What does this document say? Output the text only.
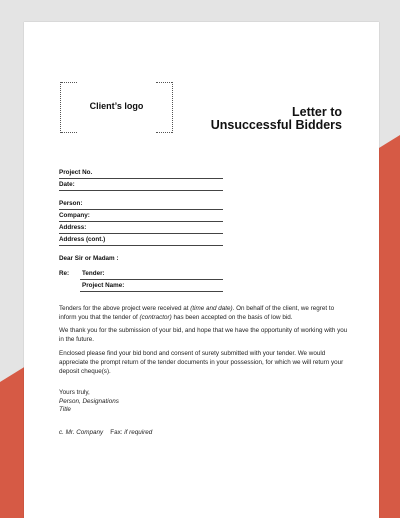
Client’s logo	Letter to
Unsuccessful Bidders
Project No.
Date:
Person:
Company:
Address:
Address (cont.)
Dear Sir or Madam :
Re:	Tender:
Project Name:

Tenders for the above project were received at (time and date). On behalf of the client, we regret to inform you that the tender of (contractor) has been accepted on the basis of low bid.

We thank you for the submission of your bid, and hope that we have the opportunity of working with you in the future.

Enclosed please find your bid bond and consent of surety submitted with your tender. We would appreciate the prompt return of the tender documents in your possession, for which we will return your deposit cheque(s).

Yours truly,
Person, Designations
Title
c. Mr. Company Fax: if required
